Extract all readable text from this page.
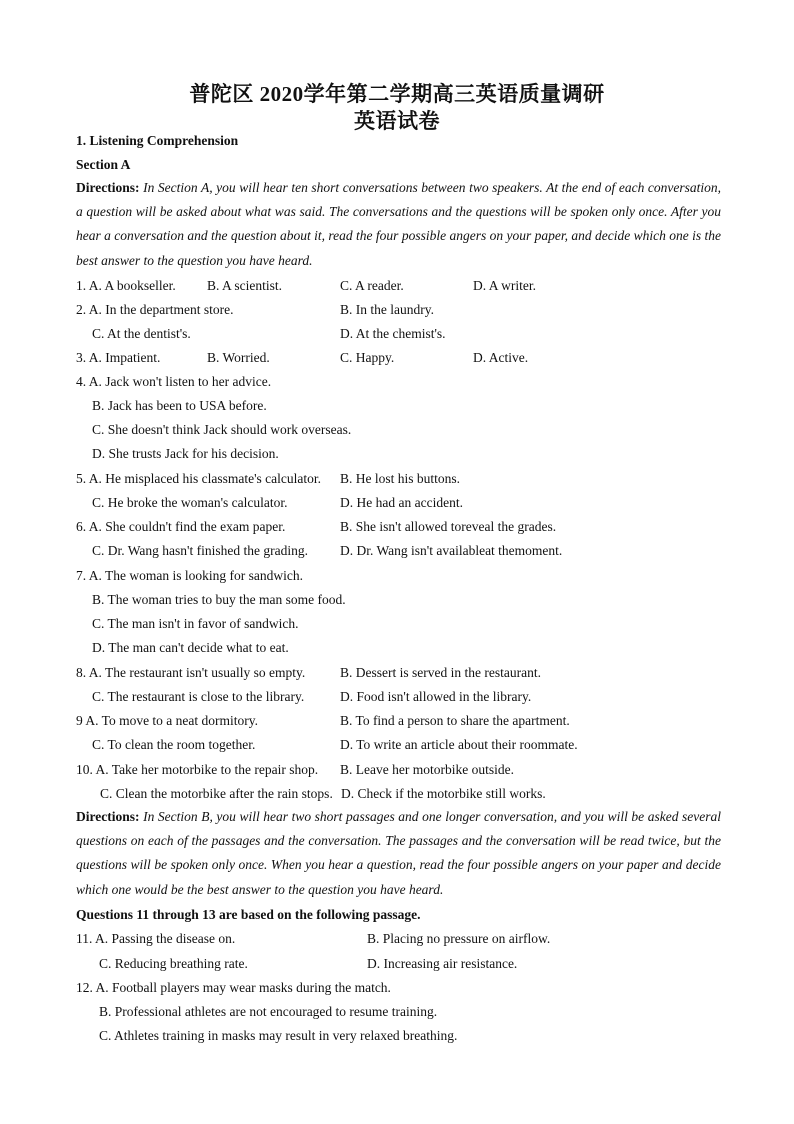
普陀区 2020学年第二学期高三英语质量调研
英语试卷
1. Listening Comprehension
Section A
Directions: In Section A, you will hear ten short conversations between two speakers. At the end of each conversation, a question will be asked about what was said. The conversations and the questions will be spoken only once. After you hear a conversation and the question about it, read the four possible angers on your paper, and decide which one is the best answer to the question you have heard.
1. A. A bookseller. B. A scientist.	C. A reader.	D. A writer.
2. A. In the department store.	B. In the laundry.
C. At the dentist's.	D. At the chemist's.
3. A. Impatient.	B. Worried.	C. Happy.	D. Active.
4. A. Jack won't listen to her advice.
B. Jack has been to USA before.
C. She doesn't think Jack should work overseas.
D. She trusts Jack for his decision.
5. A. He misplaced his classmate's calculator. B. He lost his buttons.
C. He broke the woman's calculator.	D. He had an accident.
6. A. She couldn't find the exam paper.	B. She isn't allowed toreveal the grades.
C. Dr. Wang hasn't finished the grading. D. Dr. Wang isn't availableat themoment.
7. A. The woman is looking for sandwich.
B. The woman tries to buy the man some food.
C. The man isn't in favor of sandwich.
D. The man can't decide what to eat.
8. A. The restaurant isn't usually so empty.	B. Dessert is served in the restaurant.
C. The restaurant is close to the library.	D. Food isn't allowed in the library.
9 A. To move to a neat dormitory.	B. To find a person to share the apartment.
C. To clean the room together.	D. To write an article about their roommate.
10. A. Take her motorbike to the repair shop. B. Leave her motorbike outside.
C. Clean the motorbike after the rain stops. D. Check if the motorbike still works.
Directions: In Section B, you will hear two short passages and one longer conversation, and you will be asked several questions on each of the passages and the conversation. The passages and the conversation will be read twice, but the questions will be spoken only once. When you hear a question, read the four possible angers on your paper and decide which one would be the best answer to the question you have heard.
Questions 11 through 13 are based on the following passage.
11. A. Passing the disease on.	B. Placing no pressure on airflow.
C. Reducing breathing rate.	D. Increasing air resistance.
12. A. Football players may wear masks during the match.
B. Professional athletes are not encouraged to resume training.
C. Athletes training in masks may result in very relaxed breathing.
